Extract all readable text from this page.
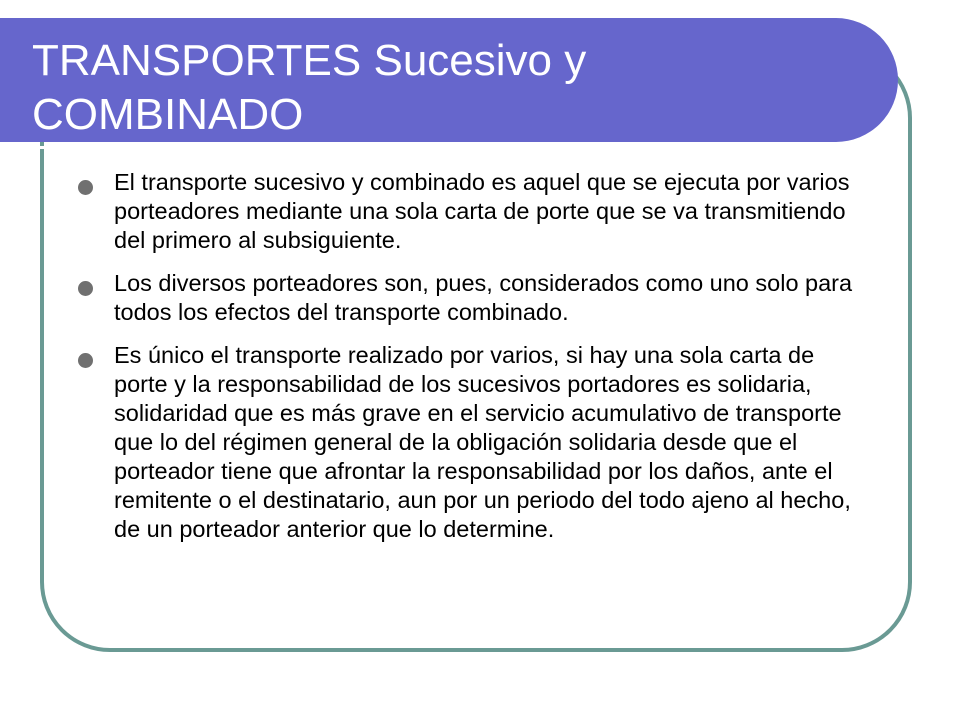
TRANSPORTES Sucesivo y COMBINADO
El transporte sucesivo y combinado es aquel que se ejecuta por varios porteadores mediante una sola carta de porte que se va transmitiendo del primero al subsiguiente.
Los diversos porteadores son, pues, considerados como uno solo para todos los efectos del transporte combinado.
Es único el transporte realizado por varios, si hay una sola carta de porte y la responsabilidad de los sucesivos portadores es solidaria, solidaridad que es más grave en el servicio acumulativo de transporte que lo del régimen general de la obligación solidaria desde que el porteador tiene que afrontar la responsabilidad por los daños, ante el remitente o el destinatario, aun por un periodo del todo ajeno al hecho, de un porteador anterior que lo determine.
